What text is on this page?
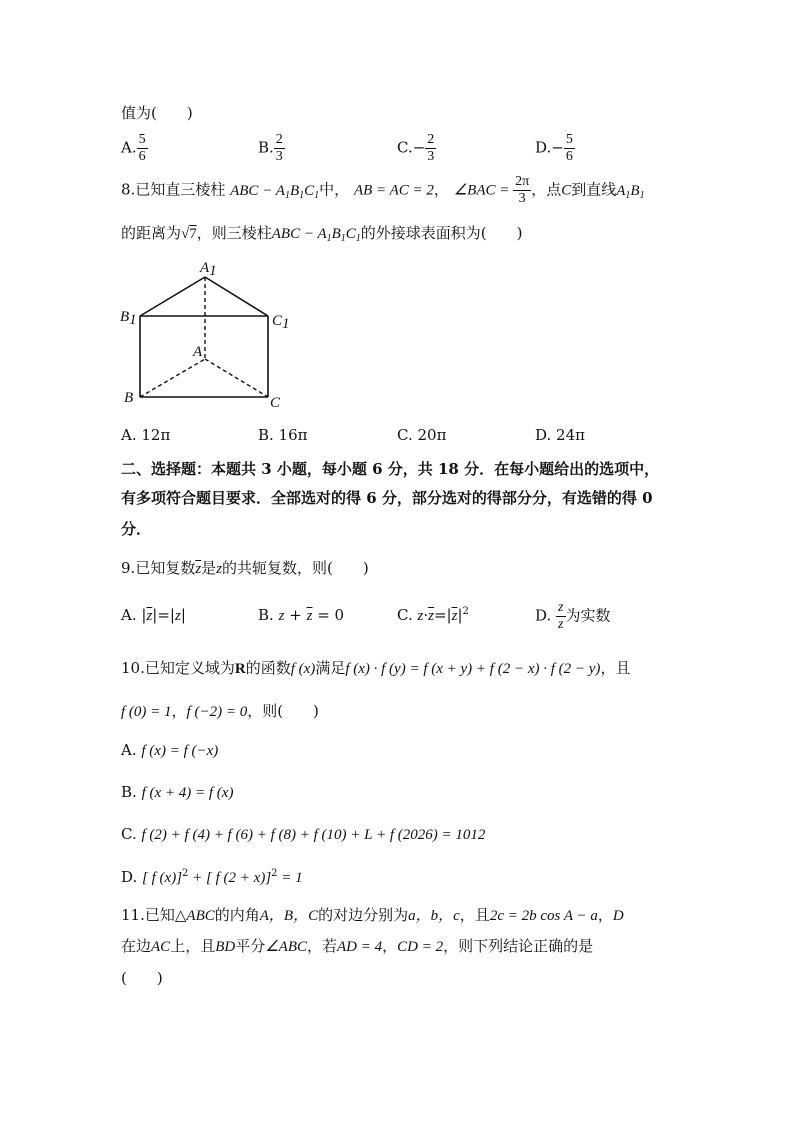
值为(　　)
A. $\frac{5}{6}$	B. $\frac{2}{3}$	$C.- \frac{2}{3}$	$D.- \frac{5}{6}$
8.已知直三棱柱 ABC − $A_1B_1C_1$中， AB = AC = 2， ∠BAC = $\frac{2\pi}{3}$ ，点C到直线$A_1B_1$
的距离为√7，则三棱柱ABC − $A_1B_1C_1$的外接球表面积为(　　)
A1
B1	C1
A
B	C
A. 12π	B. 16π	C. 20π	D. 24π
二、选择题：本题共 3 小题，每小题 6 分，共 18 分．在每小题给出的选项中，
有多项符合题目要求．全部选对的得 6 分，部分选对的得部分分，有选错的得 0
分．
9.已知复数$\overline{z}$是z的共轭复数，则(　　)
A. $|\overline{z}|=|z|$	B. $z + \overline{z} = 0$	C. $z\cdot\overline{z}=|\overline{z}|^2$	D. $\frac{z}{z}$ 为实数
10.已知定义域为R的函数f (x)满足f (x) · f (y) = f (x + y) + f (2 − x) · f (2 − y)，且
f (0) = 1，f (−2) = 0，则(　　)
A. f (x) = f (−x)
B. f (x + 4) = f (x)
C. f (2) + f (4) + f (6) + f (8) + f (10) + L + f (2026) = 1012
D. [ f (x)]$^2$ + [ f (2 + x)]$^2$ = 1
11.已知△ABC的内角A，B，C的对边分别为a，b，c，且2c = 2b cos A − a，D
在边AC上，且BD平分∠ABC，若AD = 4，CD = 2，则下列结论正确的是
(　　)
